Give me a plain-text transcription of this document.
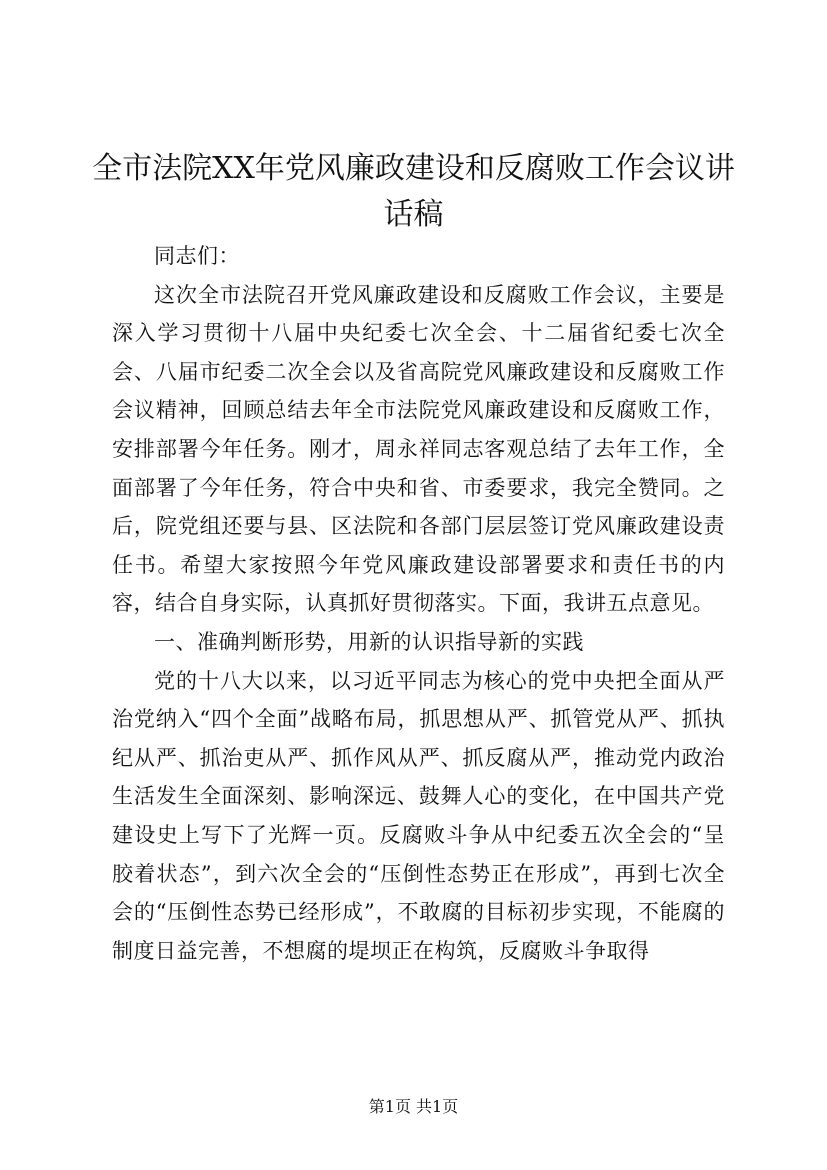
全市法院XX年党风廉政建设和反腐败工作会议讲话稿

同志们：

这次全市法院召开党风廉政建设和反腐败工作会议，主要是深入学习贯彻十八届中央纪委七次全会、十二届省纪委七次全会、八届市纪委二次全会以及省高院党风廉政建设和反腐败工作会议精神，回顾总结去年全市法院党风廉政建设和反腐败工作，安排部署今年任务。刚才，周永祥同志客观总结了去年工作，全面部署了今年任务，符合中央和省、市委要求，我完全赞同。之后，院党组还要与县、区法院和各部门层层签订党风廉政建设责任书。希望大家按照今年党风廉政建设部署要求和责任书的内容，结合自身实际，认真抓好贯彻落实。下面，我讲五点意见。

一、准确判断形势，用新的认识指导新的实践

党的十八大以来，以习近平同志为核心的党中央把全面从严治党纳入“四个全面”战略布局，抓思想从严、抓管党从严、抓执纪从严、抓治吏从严、抓作风从严、抓反腐从严，推动党内政治生活发生全面深刻、影响深远、鼓舞人心的变化，在中国共产党建设史上写下了光辉一页。反腐败斗争从中纪委五次全会的“呈胶着状态”，到六次全会的“压倒性态势正在形成”，再到七次全会的“压倒性态势已经形成”，不敢腐的目标初步实现，不能腐的制度日益完善，不想腐的堤坝正在构筑，反腐败斗争取得

第1页 共1页
